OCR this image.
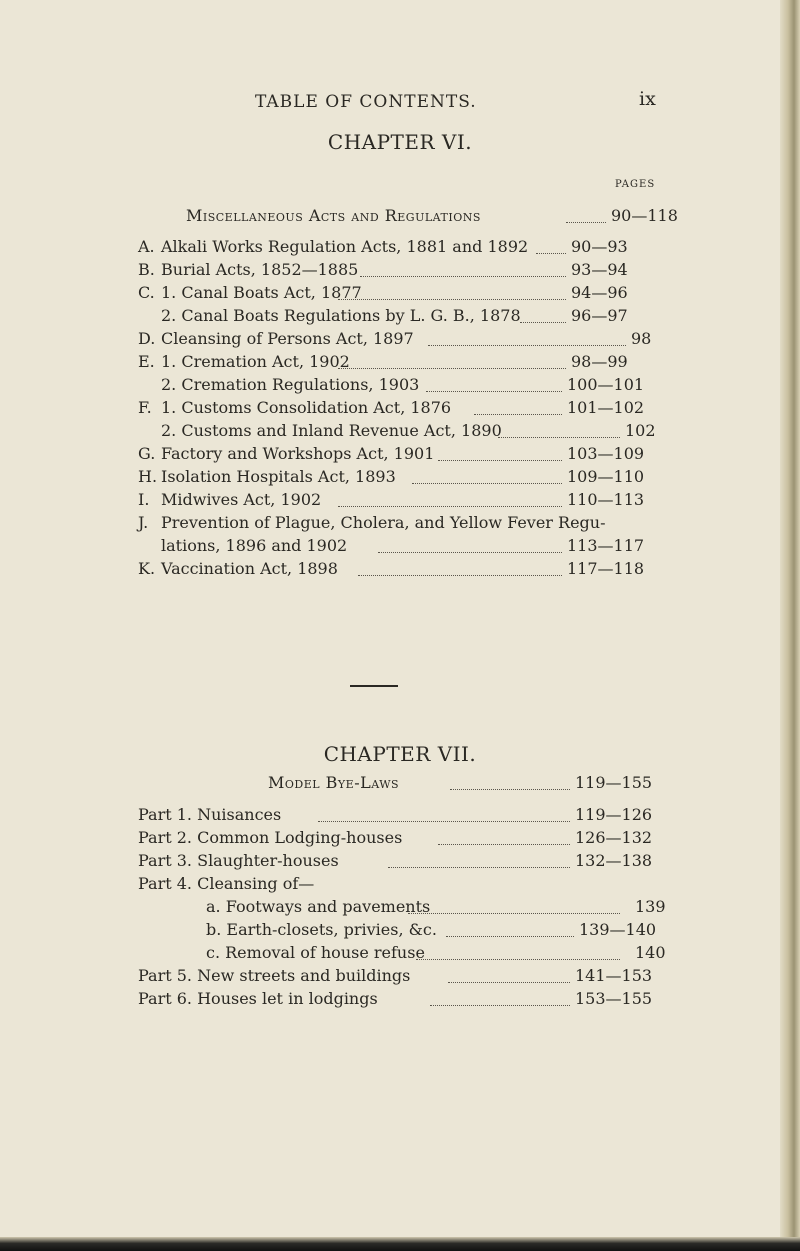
TABLE OF CONTENTS.	ix
CHAPTER VI.
PAGES
Miscellaneous Acts and Regulations	90—118
A. Alkali Works Regulation Acts, 1881 and 1892	90—93
B. Burial Acts, 1852—1885	93—94
C. 1. Canal Boats Act, 1877	94—96
2. Canal Boats Regulations by L. G. B., 1878	96—97
D. Cleansing of Persons Act, 1897	98
E. 1. Cremation Act, 1902	98—99
2. Cremation Regulations, 1903	100—101
F. 1. Customs Consolidation Act, 1876	101—102
2. Customs and Inland Revenue Act, 1890	102
G. Factory and Workshops Act, 1901	103—109
H. Isolation Hospitals Act, 1893	109—110
I. Midwives Act, 1902	110—113
J. Prevention of Plague, Cholera, and Yellow Fever Regu-
lations, 1896 and 1902	113—117
K. Vaccination Act, 1898	117—118
CHAPTER VII.
Model Bye-Laws	119—155
Part 1. Nuisances	119—126
Part 2. Common Lodging-houses	126—132
Part 3. Slaughter-houses	132—138
Part 4. Cleansing of—
a. Footways and pavements	139
b. Earth-closets, privies, &c.	139—140
c. Removal of house refuse	140
Part 5. New streets and buildings	141—153
Part 6. Houses let in lodgings	153—155
